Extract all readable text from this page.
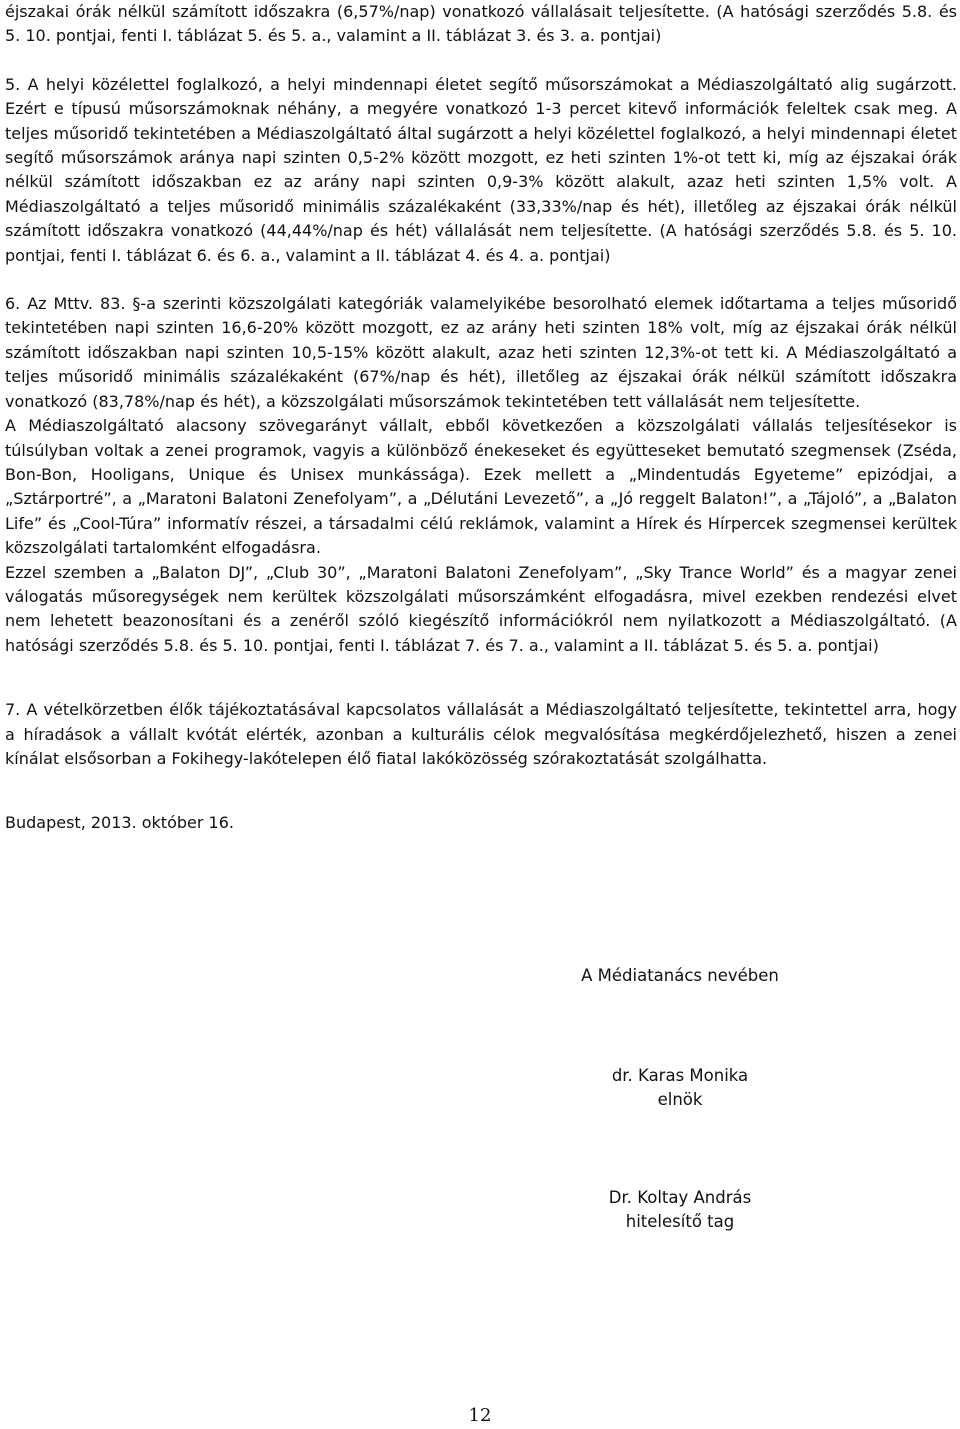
éjszakai órák nélkül számított időszakra (6,57%/nap) vonatkozó vállalásait teljesítette. (A hatósági szerződés 5.8. és 5. 10. pontjai, fenti I. táblázat 5. és 5. a., valamint a II. táblázat 3. és 3. a. pontjai)

5. A helyi közélettel foglalkozó, a helyi mindennapi életet segítő műsorszámokat a Médiaszolgáltató alig sugárzott. Ezért e típusú műsorszámoknak néhány, a megyére vonatkozó 1-3 percet kitevő információk feleltek csak meg. A teljes műsoridő tekintetében a Médiaszolgáltató által sugárzott a helyi közélettel foglalkozó, a helyi mindennapi életet segítő műsorszámok aránya napi szinten 0,5-2% között mozgott, ez heti szinten 1%-ot tett ki, míg az éjszakai órák nélkül számított időszakban ez az arány napi szinten 0,9-3% között alakult, azaz heti szinten 1,5% volt. A Médiaszolgáltató a teljes műsoridő minimális százalékaként (33,33%/nap és hét), illetőleg az éjszakai órák nélkül számított időszakra vonatkozó (44,44%/nap és hét) vállalását nem teljesítette. (A hatósági szerződés 5.8. és 5. 10. pontjai, fenti I. táblázat 6. és 6. a., valamint a II. táblázat 4. és 4. a. pontjai)

6. Az Mttv. 83. §-a szerinti közszolgálati kategóriák valamelyikébe besorolható elemek időtartama a teljes műsoridő tekintetében napi szinten 16,6-20% között mozgott, ez az arány heti szinten 18% volt, míg az éjszakai órák nélkül számított időszakban napi szinten 10,5-15% között alakult, azaz heti szinten 12,3%-ot tett ki. A Médiaszolgáltató a teljes műsoridő minimális százalékaként (67%/nap és hét), illetőleg az éjszakai órák nélkül számított időszakra vonatkozó (83,78%/nap és hét), a közszolgálati műsorszámok tekintetében tett vállalását nem teljesítette.

A Médiaszolgáltató alacsony szövegarányt vállalt, ebből következően a közszolgálati vállalás teljesítésekor is túlsúlyban voltak a zenei programok, vagyis a különböző énekeseket és együtteseket bemutató szegmensek (Zséda, Bon-Bon, Hooligans, Unique és Unisex munkássága). Ezek mellett a „Mindentudás Egyeteme” epizódjai, a „Sztárportré”, a „Maratoni Balatoni Zenefolyam”, a „Délutáni Levezető”, a „Jó reggelt Balaton!”, a „Tájoló”, a „Balaton Life” és „Cool-Túra” informatív részei, a társadalmi célú reklámok, valamint a Hírek és Hírpercek szegmensei kerültek közszolgálati tartalomként elfogadásra.

Ezzel szemben a „Balaton DJ”, „Club 30”, „Maratoni Balatoni Zenefolyam”, „Sky Trance World” és a magyar zenei válogatás műsoregységek nem kerültek közszolgálati műsorszámként elfogadásra, mivel ezekben rendezési elvet nem lehetett beazonosítani és a zenéről szóló kiegészítő információkról nem nyilatkozott a Médiaszolgáltató. (A hatósági szerződés 5.8. és 5. 10. pontjai, fenti I. táblázat 7. és 7. a., valamint a II. táblázat 5. és 5. a. pontjai)

7. A vételkörzetben élők tájékoztatásával kapcsolatos vállalását a Médiaszolgáltató teljesítette, tekintettel arra, hogy a híradások a vállalt kvótát elérték, azonban a kulturális célok megvalósítása megkérdőjelezhető, hiszen a zenei kínálat elsősorban a Fokihegy-lakótelepen élő fiatal lakóközösség szórakoztatását szolgálhatta.

Budapest, 2013. október 16.

A Médiatanács nevében
dr. Karas Monika
elnök
Dr. Koltay András
hitelesítő tag
12
